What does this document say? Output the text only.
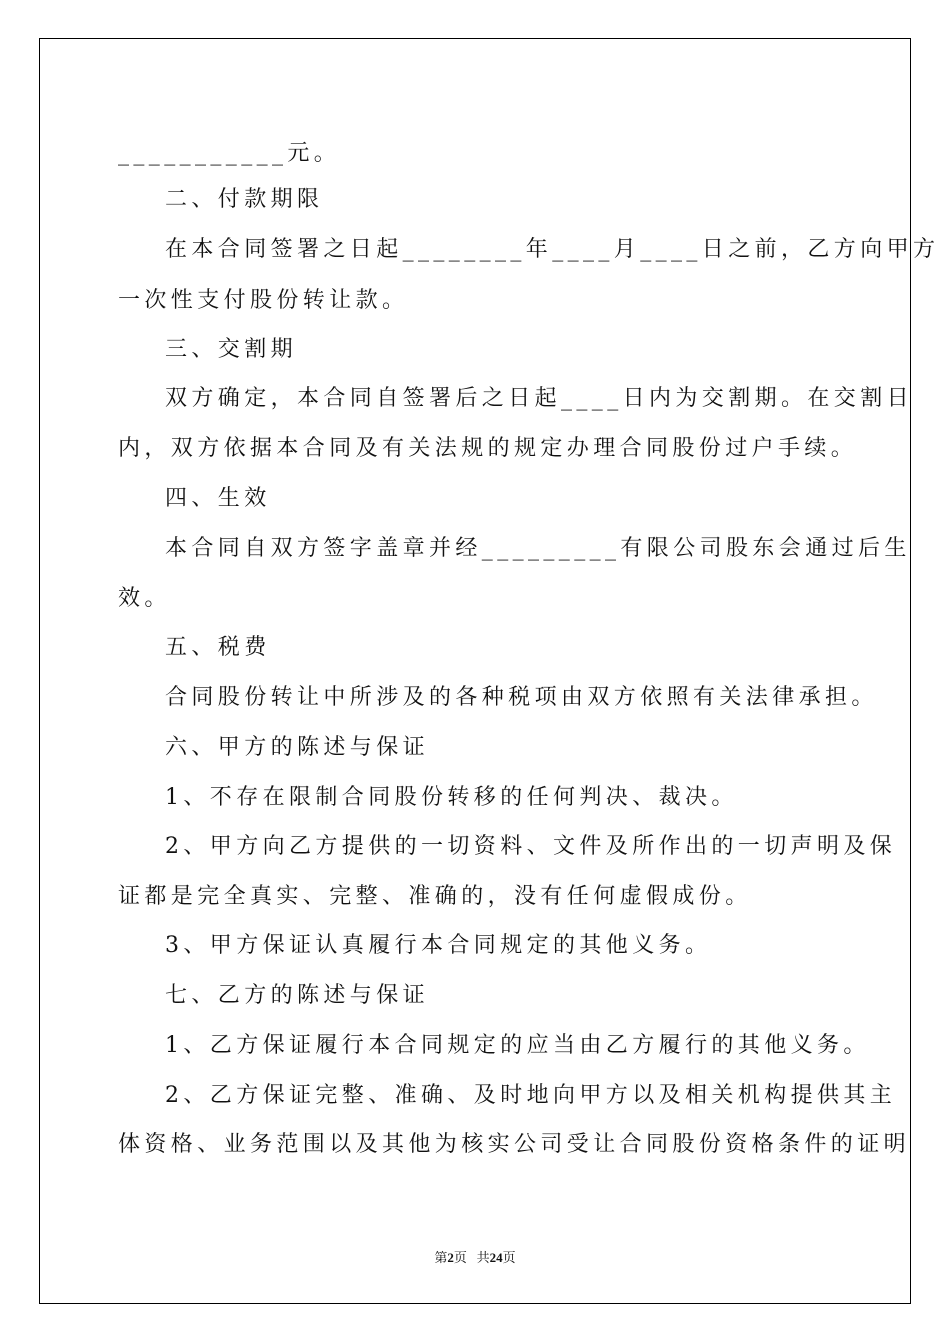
___________元。
二、付款期限
在本合同签署之日起________年____月____日之前，乙方向甲方
一次性支付股份转让款。
三、交割期
双方确定，本合同自签署后之日起____日内为交割期。在交割日
内，双方依据本合同及有关法规的规定办理合同股份过户手续。
四、生效
本合同自双方签字盖章并经_________有限公司股东会通过后生
效。
五、税费
合同股份转让中所涉及的各种税项由双方依照有关法律承担。
六、甲方的陈述与保证
1、不存在限制合同股份转移的任何判决、裁决。
2、甲方向乙方提供的一切资料、文件及所作出的一切声明及保
证都是完全真实、完整、准确的，没有任何虚假成份。
3、甲方保证认真履行本合同规定的其他义务。
七、乙方的陈述与保证
1、乙方保证履行本合同规定的应当由乙方履行的其他义务。
2、乙方保证完整、准确、及时地向甲方以及相关机构提供其主
体资格、业务范围以及其他为核实公司受让合同股份资格条件的证明
第2页 共24页
